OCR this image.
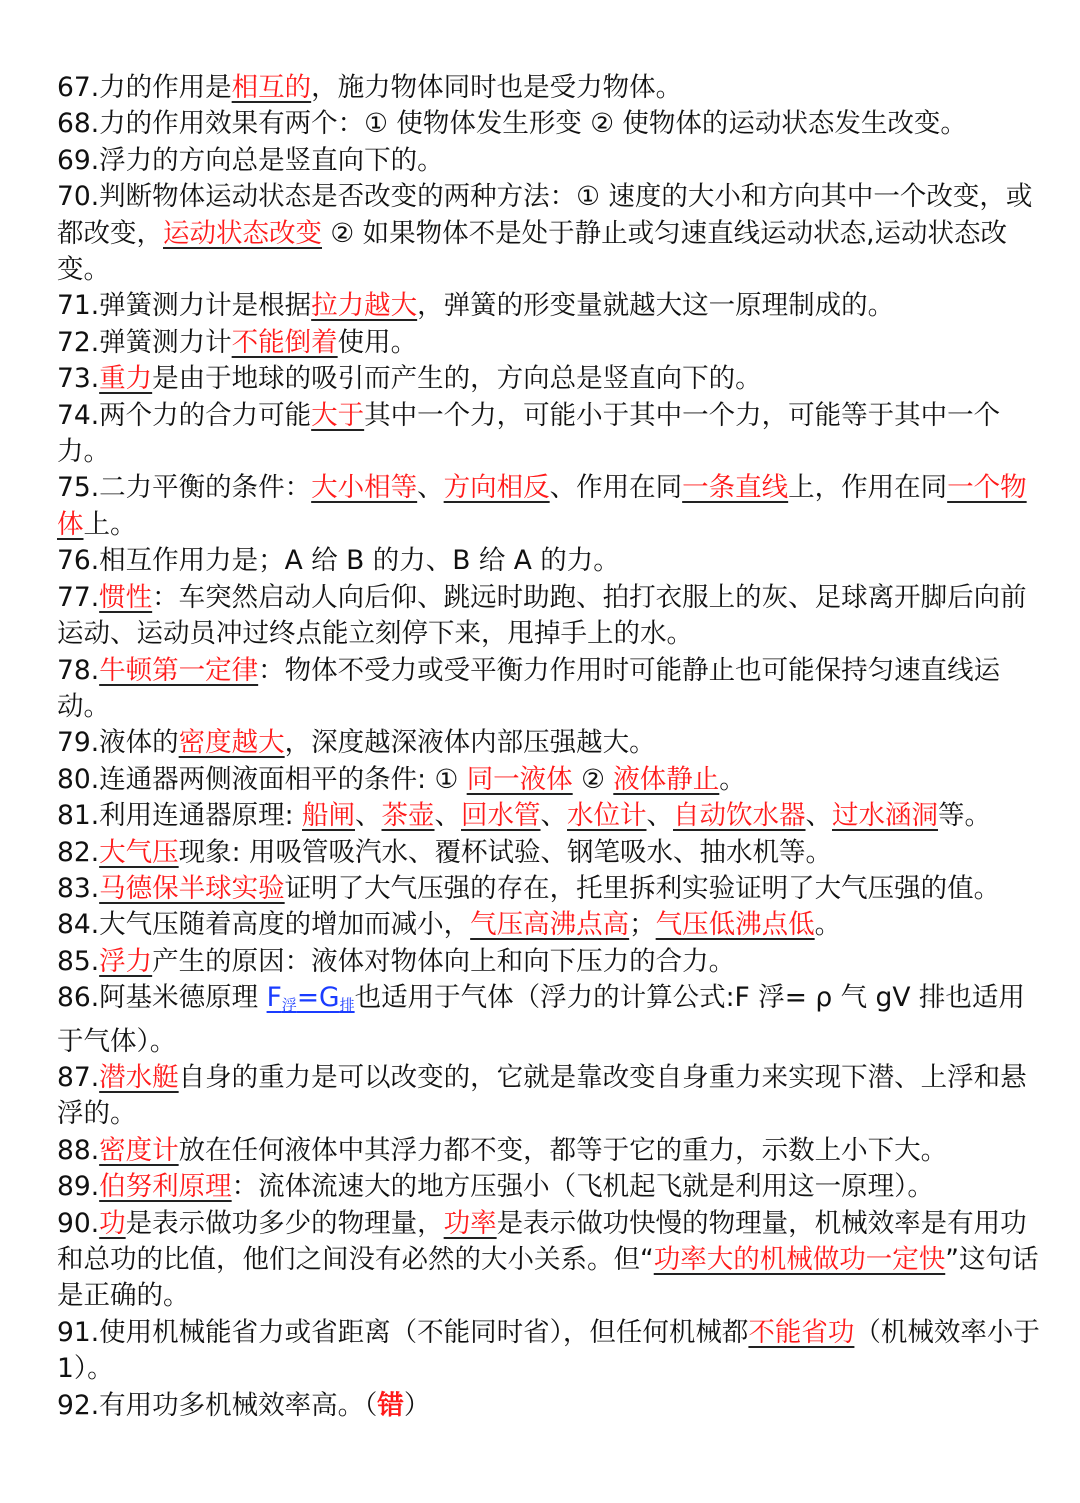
67.力的作用是相互的，施力物体同时也是受力物体。

68.力的作用效果有两个：① 使物体发生形变 ② 使物体的运动状态发生改变。

69.浮力的方向总是竖直向下的。

70.判断物体运动状态是否改变的两种方法：① 速度的大小和方向其中一个改变，或都改变，运动状态改变 ② 如果物体不是处于静止或匀速直线运动状态,运动状态改变。

71.弹簧测力计是根据拉力越大，弹簧的形变量就越大这一原理制成的。

72.弹簧测力计不能倒着使用。

73.重力是由于地球的吸引而产生的，方向总是竖直向下的。

74.两个力的合力可能大于其中一个力，可能小于其中一个力，可能等于其中一个力。

75.二力平衡的条件：大小相等、方向相反、作用在同一条直线上，作用在同一个物体上。

76.相互作用力是；A 给 B 的力、B 给 A 的力。

77.惯性：车突然启动人向后仰、跳远时助跑、拍打衣服上的灰、足球离开脚后向前运动、运动员冲过终点能立刻停下来，甩掉手上的水。

78.牛顿第一定律：物体不受力或受平衡力作用时可能静止也可能保持匀速直线运动。

79.液体的密度越大，深度越深液体内部压强越大。

80.连通器两侧液面相平的条件: ① 同一液体 ② 液体静止。

81.利用连通器原理: 船闸、茶壶、回水管、水位计、自动饮水器、过水涵洞等。

82.大气压现象: 用吸管吸汽水、覆杯试验、钢笔吸水、抽水机等。

83.马德保半球实验证明了大气压强的存在，托里拆利实验证明了大气压强的值。

84.大气压随着高度的增加而减小，气压高沸点高；气压低沸点低。

85.浮力产生的原因：液体对物体向上和向下压力的合力。

86.阿基米德原理 $F_浮=G_排$也适用于气体（浮力的计算公式:F 浮= ρ 气 gV 排也适用于气体）。

87.潜水艇自身的重力是可以改变的，它就是靠改变自身重力来实现下潜、上浮和悬浮的。

88.密度计放在任何液体中其浮力都不变，都等于它的重力，示数上小下大。

89.伯努利原理：流体流速大的地方压强小（飞机起飞就是利用这一原理）。

90.功是表示做功多少的物理量，功率是表示做功快慢的物理量，机械效率是有用功和总功的比值，他们之间没有必然的大小关系。但“功率大的机械做功一定快”这句话是正确的。

91.使用机械能省力或省距离（不能同时省），但任何机械都不能省功（机械效率小于 1）。

92.有用功多机械效率高。（错）
